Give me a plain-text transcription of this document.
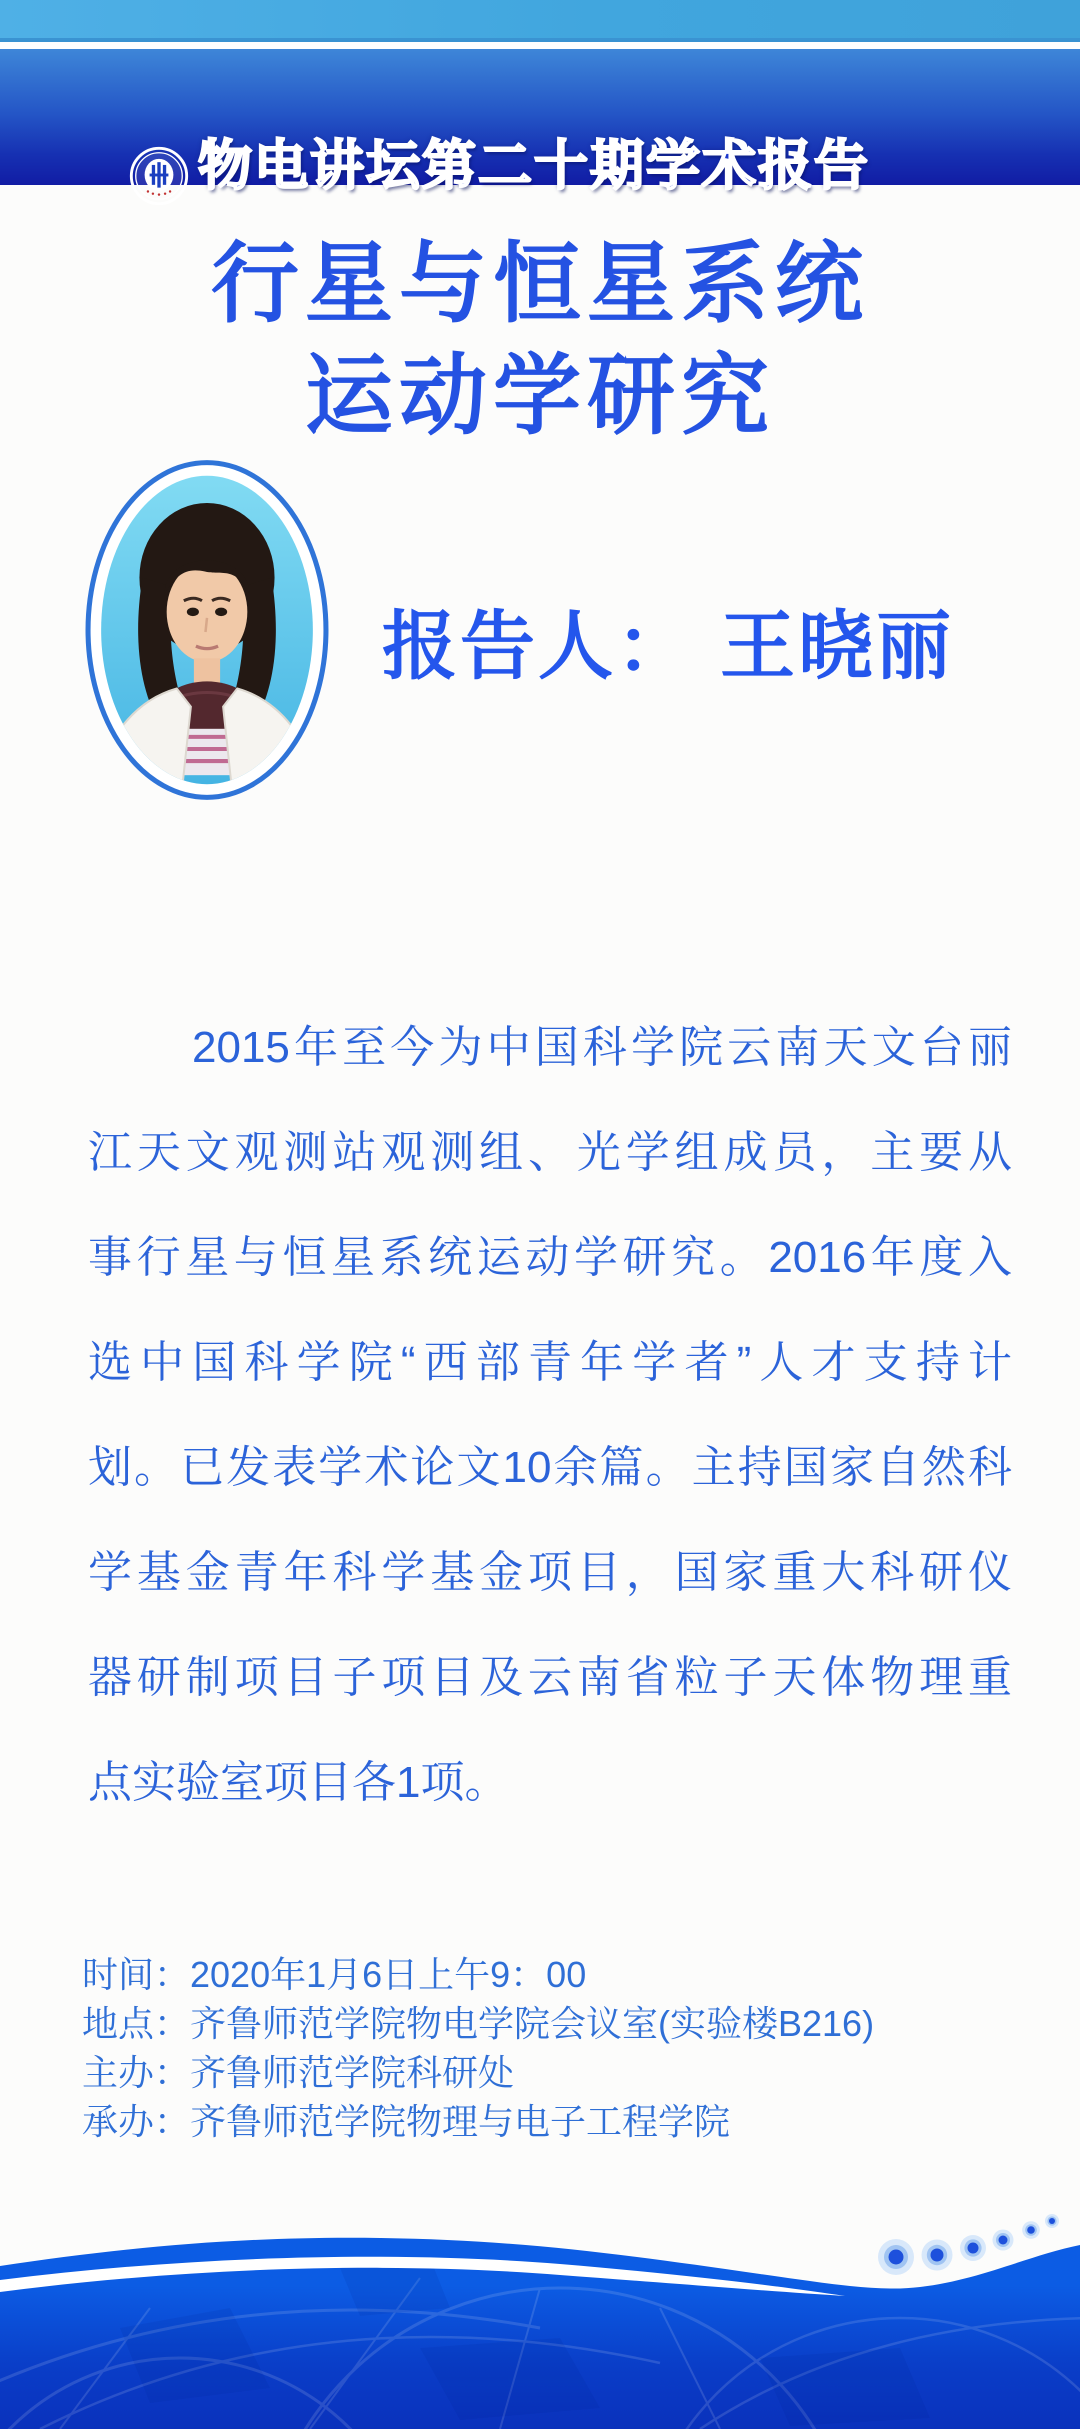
物电讲坛第二十期学术报告
行星与恒星系统
运动学研究
报告人： 王晓丽
2015年至今为中国科学院云南天文台丽
江天文观测站观测组、光学组成员，主要从
事行星与恒星系统运动学研究。2016年度入
选中国科学院“西部青年学者”人才支持计
划。已发表学术论文10余篇。主持国家自然科
学基金青年科学基金项目，国家重大科研仪
器研制项目子项目及云南省粒子天体物理重
点实验室项目各1项。
时间：2020年1月6日上午9：00
地点：齐鲁师范学院物电学院会议室(实验楼B216)
主办：齐鲁师范学院科研处
承办：齐鲁师范学院物理与电子工程学院
